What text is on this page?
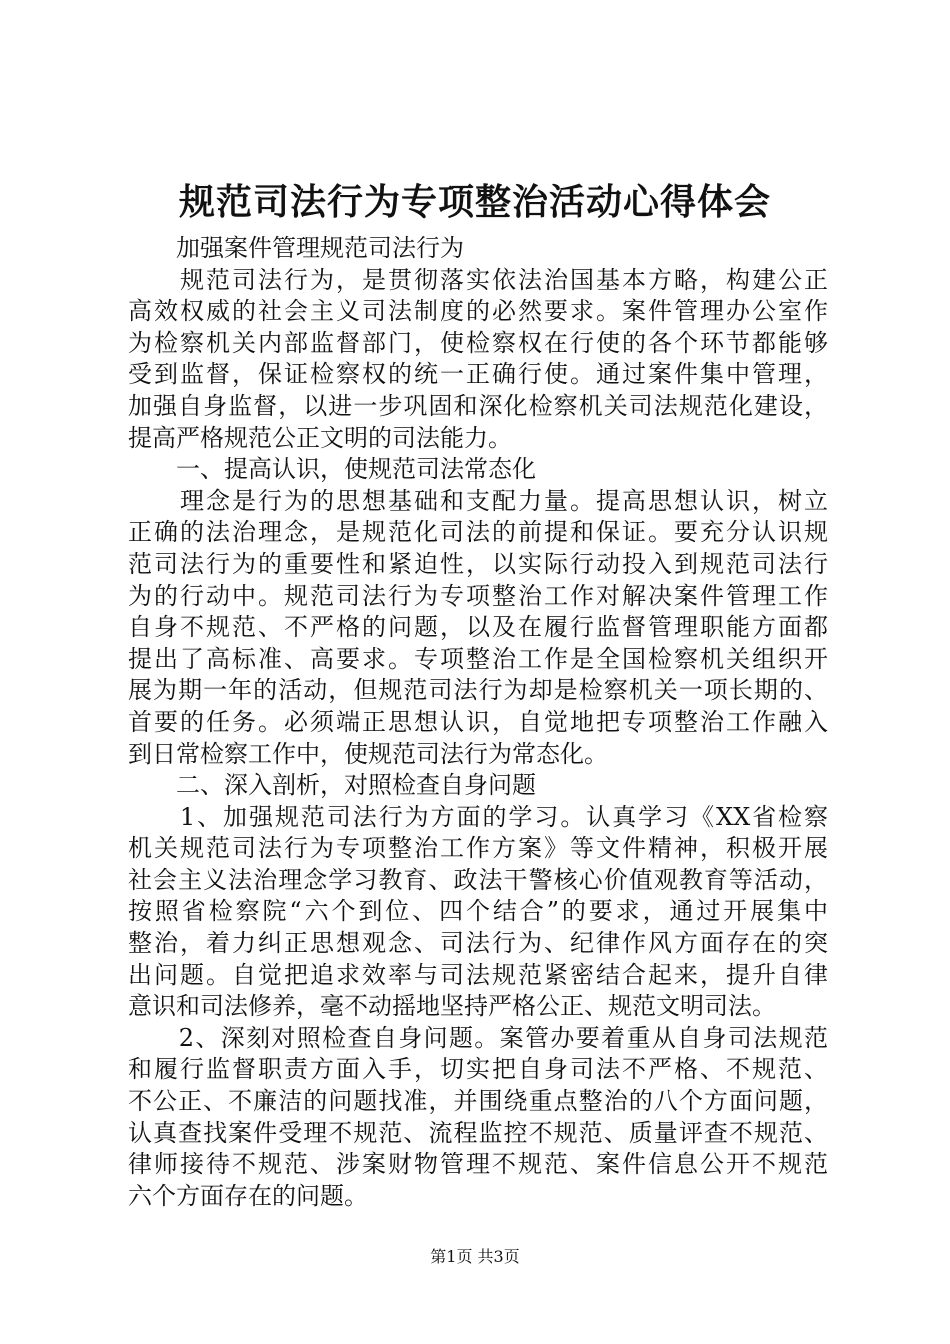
规范司法行为专项整治活动心得体会
　　加强案件管理规范司法行为
　　规范司法行为，是贯彻落实依法治国基本方略，构建公正
高效权威的社会主义司法制度的必然要求。案件管理办公室作
为检察机关内部监督部门，使检察权在行使的各个环节都能够
受到监督，保证检察权的统一正确行使。通过案件集中管理，
加强自身监督，以进一步巩固和深化检察机关司法规范化建设，
提高严格规范公正文明的司法能力。
　　一、提高认识，使规范司法常态化
　　理念是行为的思想基础和支配力量。提高思想认识，树立
正确的法治理念，是规范化司法的前提和保证。要充分认识规
范司法行为的重要性和紧迫性，以实际行动投入到规范司法行
为的行动中。规范司法行为专项整治工作对解决案件管理工作
自身不规范、不严格的问题，以及在履行监督管理职能方面都
提出了高标准、高要求。专项整治工作是全国检察机关组织开
展为期一年的活动，但规范司法行为却是检察机关一项长期的、
首要的任务。必须端正思想认识，自觉地把专项整治工作融入
到日常检察工作中，使规范司法行为常态化。
　　二、深入剖析，对照检查自身问题
　　1、加强规范司法行为方面的学习。认真学习《XX省检察
机关规范司法行为专项整治工作方案》等文件精神，积极开展
社会主义法治理念学习教育、政法干警核心价值观教育等活动，
按照省检察院“六个到位、四个结合”的要求，通过开展集中
整治，着力纠正思想观念、司法行为、纪律作风方面存在的突
出问题。自觉把追求效率与司法规范紧密结合起来，提升自律
意识和司法修养，毫不动摇地坚持严格公正、规范文明司法。
　　2、深刻对照检查自身问题。案管办要着重从自身司法规范
和履行监督职责方面入手，切实把自身司法不严格、不规范、
不公正、不廉洁的问题找准，并围绕重点整治的八个方面问题，
认真查找案件受理不规范、流程监控不规范、质量评查不规范、
律师接待不规范、涉案财物管理不规范、案件信息公开不规范
六个方面存在的问题。
第1页 共3页
